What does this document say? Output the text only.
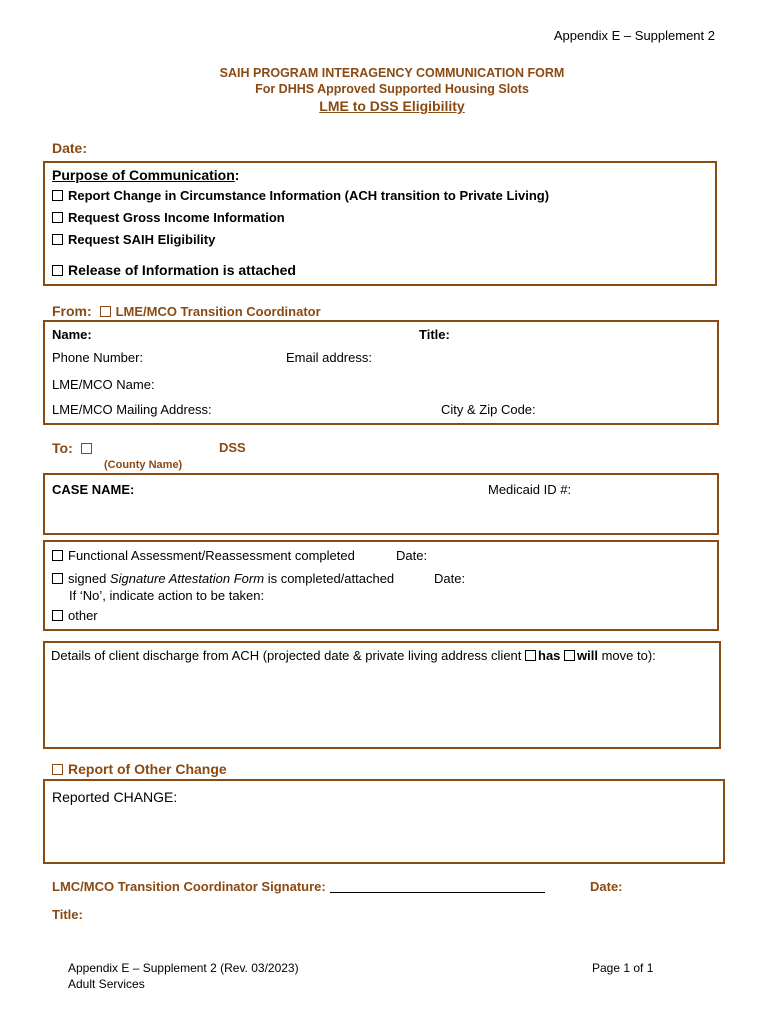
Appendix E – Supplement 2
SAIH PROGRAM INTERAGENCY COMMUNICATION FORM
For DHHS Approved Supported Housing Slots
LME to DSS Eligibility
Date:
Purpose of Communication:
Report Change in Circumstance Information (ACH transition to Private Living)
Request Gross Income Information
Request SAIH Eligibility
Release of Information is attached
From: LME/MCO Transition Coordinator
Name:	Title:
Phone Number:	Email address:
LME/MCO Name:
LME/MCO Mailing Address:	City & Zip Code:
To:	DSS
(County Name)
CASE NAME:	Medicaid ID #:
Functional Assessment/Reassessment completed	Date:
signed Signature Attestation Form is completed/attached	Date:
If ‘No’, indicate action to be taken:
other
Details of client discharge from ACH (projected date & private living address client has will move to):
Report of Other Change
Reported CHANGE:
LMC/MCO Transition Coordinator Signature:	Date:
Title:
Appendix E – Supplement 2 (Rev. 03/2023)
Adult Services
Page 1 of 1
